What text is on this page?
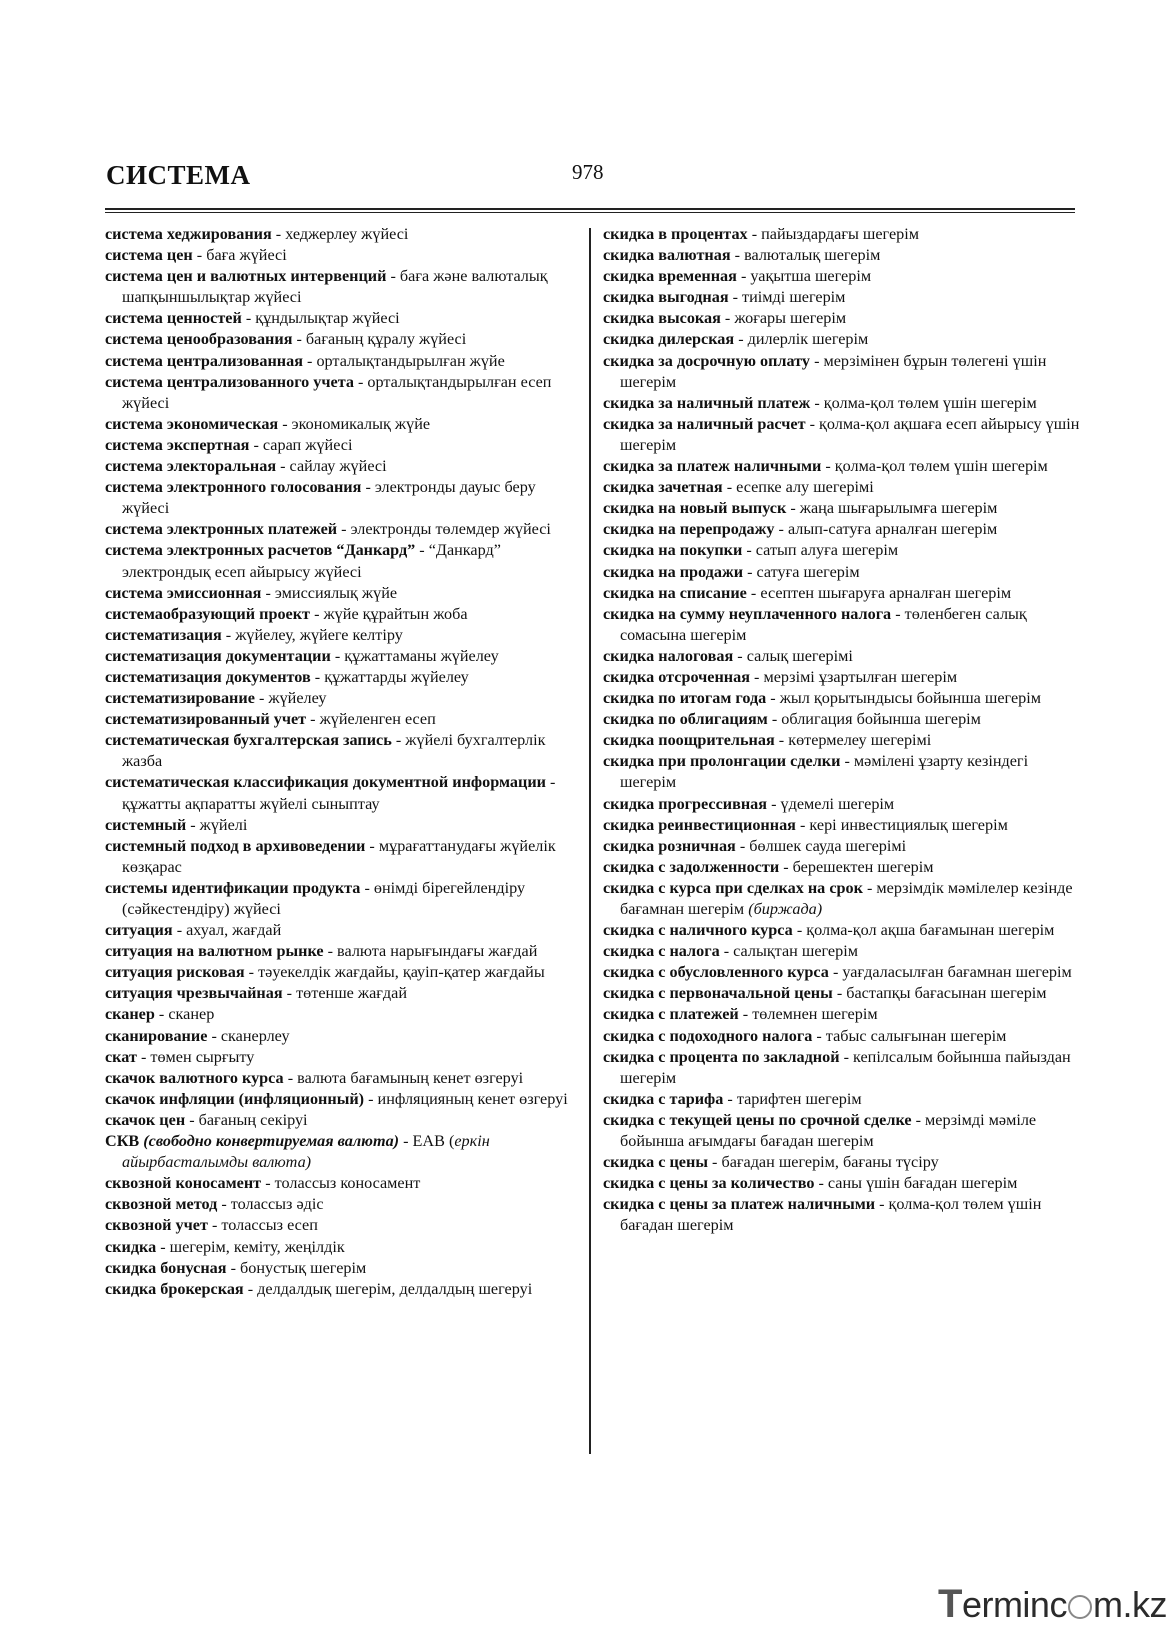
СИСТЕМА	978

система хеджирования - хеджерлеу жүйесі

система цен - баға жүйесі

система цен и валютных интервенций - баға және валюталық шапқыншылықтар жүйесі

система ценностей - құндылықтар жүйесі

система ценообразования - бағаның құралу жүйесі

система централизованная - орталықтандырылған жүйе

система централизованного учета - орталықтандырылған есеп жүйесі

система экономическая - экономикалық жүйе

система экспертная - сарап жүйесі

система электоральная - сайлау жүйесі

система электронного голосования - электронды дауыс беру жүйесі

система электронных платежей - электронды төлемдер жүйесі

система электронных расчетов “Данкард” - “Данкард” электрондық есеп айырысу жүйесі

система эмиссионная - эмиссиялық жүйе

системаобразующий проект - жүйе құрайтын жоба

систематизация - жүйелеу, жүйеге келтіру

систематизация документации - құжаттаманы жүйелеу

систематизация документов - құжаттарды жүйелеу

систематизирование - жүйелеу

систематизированный учет - жүйеленген есеп

систематическая бухгалтерская запись - жүйелі бухгалтерлік жазба

систематическая классификация документной информации - құжатты ақпаратты жүйелі сыныптау

системный - жүйелі

системный подход в архивоведении - мұрағаттанудағы жүйелік көзқарас

системы идентификации продукта - өнімді бірегейлендіру (сәйкестендіру) жүйесі

ситуация - ахуал, жағдай

ситуация на валютном рынке - валюта нарығындағы жағдай

ситуация рисковая - тәуекелдік жағдайы, қауіп-қатер жағдайы

ситуация чрезвычайная - төтенше жағдай

сканер - сканер

сканирование - сканерлеу

скат - төмен сырғыту

скачок валютного курса - валюта бағамының кенет өзгеруі

скачок инфляции (инфляционный) - инфляцияның кенет өзгеруі

скачок цен - бағаның секіруі

СКВ (свободно конвертируемая валюта) - ЕАВ (еркін айырбасталымды валюта)

сквозной коносамент - толассыз коносамент

сквозной метод - толассыз әдіс

сквозной учет - толассыз есеп

скидка - шегерім, кеміту, жеңілдік

скидка бонусная - бонустық шегерім

скидка брокерская - делдалдық шегерім, делдалдың шегеруі

скидка в процентах - пайыздардағы шегерім

скидка валютная - валюталық шегерім

скидка временная - уақытша шегерім

скидка выгодная - тиімді шегерім

скидка высокая - жоғары шегерім

скидка дилерская - дилерлік шегерім

скидка за досрочную оплату - мерзімінен бұрын төлегені үшін шегерім

скидка за наличный платеж - қолма-қол төлем үшін шегерім

скидка за наличный расчет - қолма-қол ақшаға есеп айырысу үшін шегерім

скидка за платеж наличными - қолма-қол төлем үшін шегерім

скидка зачетная - есепке алу шегерімі

скидка на новый выпуск - жаңа шығарылымға шегерім

скидка на перепродажу - алып-сатуға арналған шегерім

скидка на покупки - сатып алуға шегерім

скидка на продажи - сатуға шегерім

скидка на списание - есептен шығаруға арналған шегерім

скидка на сумму неуплаченного налога - төленбеген салық сомасына шегерім

скидка налоговая - салық шегерімі

скидка отсроченная - мерзімі ұзартылған шегерім

скидка по итогам года - жыл қорытындысы бойынша шегерім

скидка по облигациям - облигация бойынша шегерім

скидка поощрительная - көтермелеу шегерімі

скидка при пролонгации сделки - мәмілені ұзарту кезіндегі шегерім

скидка прогрессивная - үдемелі шегерім

скидка реинвестиционная - кері инвестициялық шегерім

скидка розничная - бөлшек сауда шегерімі

скидка с задолженности - берешектен шегерім

скидка с курса при сделках на срок - мерзімдік мәмілелер кезінде бағамнан шегерім (биржада)

скидка с наличного курса - қолма-қол ақша бағамынан шегерім

скидка с налога - салықтан шегерім

скидка с обусловленного курса - уағдаласылған бағамнан шегерім

скидка с первоначальной цены - бастапқы бағасынан шегерім

скидка с платежей - төлемнен шегерім

скидка с подоходного налога - табыс салығынан шегерім

скидка с процента по закладной - кепілсалым бойынша пайыздан шегерім

скидка с тарифа - тарифтен шегерім

скидка с текущей цены по срочной сделке - мерзімді мәміле бойынша ағымдағы бағадан шегерім

скидка с цены - бағадан шегерім, бағаны түсіру

скидка с цены за количество - саны үшін бағадан шегерім

скидка с цены за платеж наличными - қолма-қол төлем үшін бағадан шегерім

Terminc m.kz
